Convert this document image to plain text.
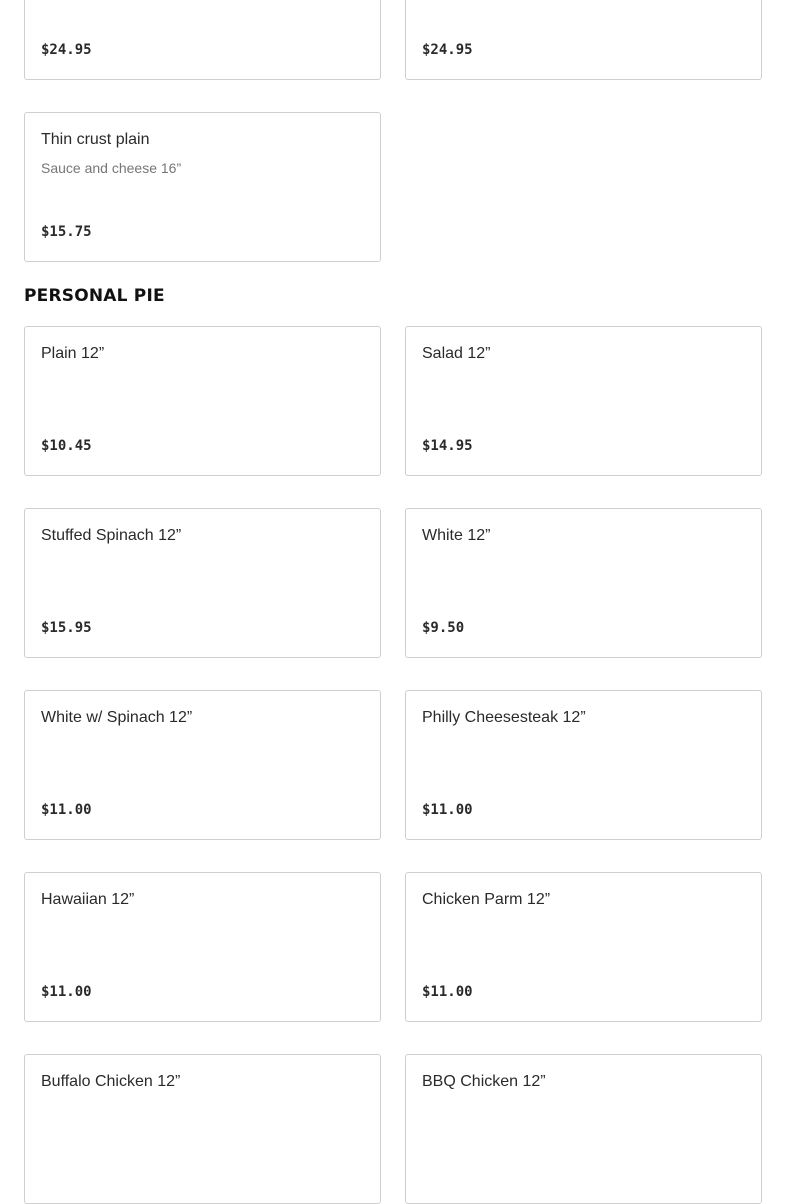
$24.95	$24.95
Thin crust plain
Sauce and cheese 16”
$15.75
PERSONAL PIE
Plain 12”
$10.45
Salad 12”
$14.95
Stuffed Spinach 12”
$15.95
White 12”
$9.50
White w/ Spinach 12”
$11.00
Philly Cheesesteak 12”
$11.00
Hawaiian 12”
$11.00
Chicken Parm 12”
$11.00
Buffalo Chicken 12”	BBQ Chicken 12”
